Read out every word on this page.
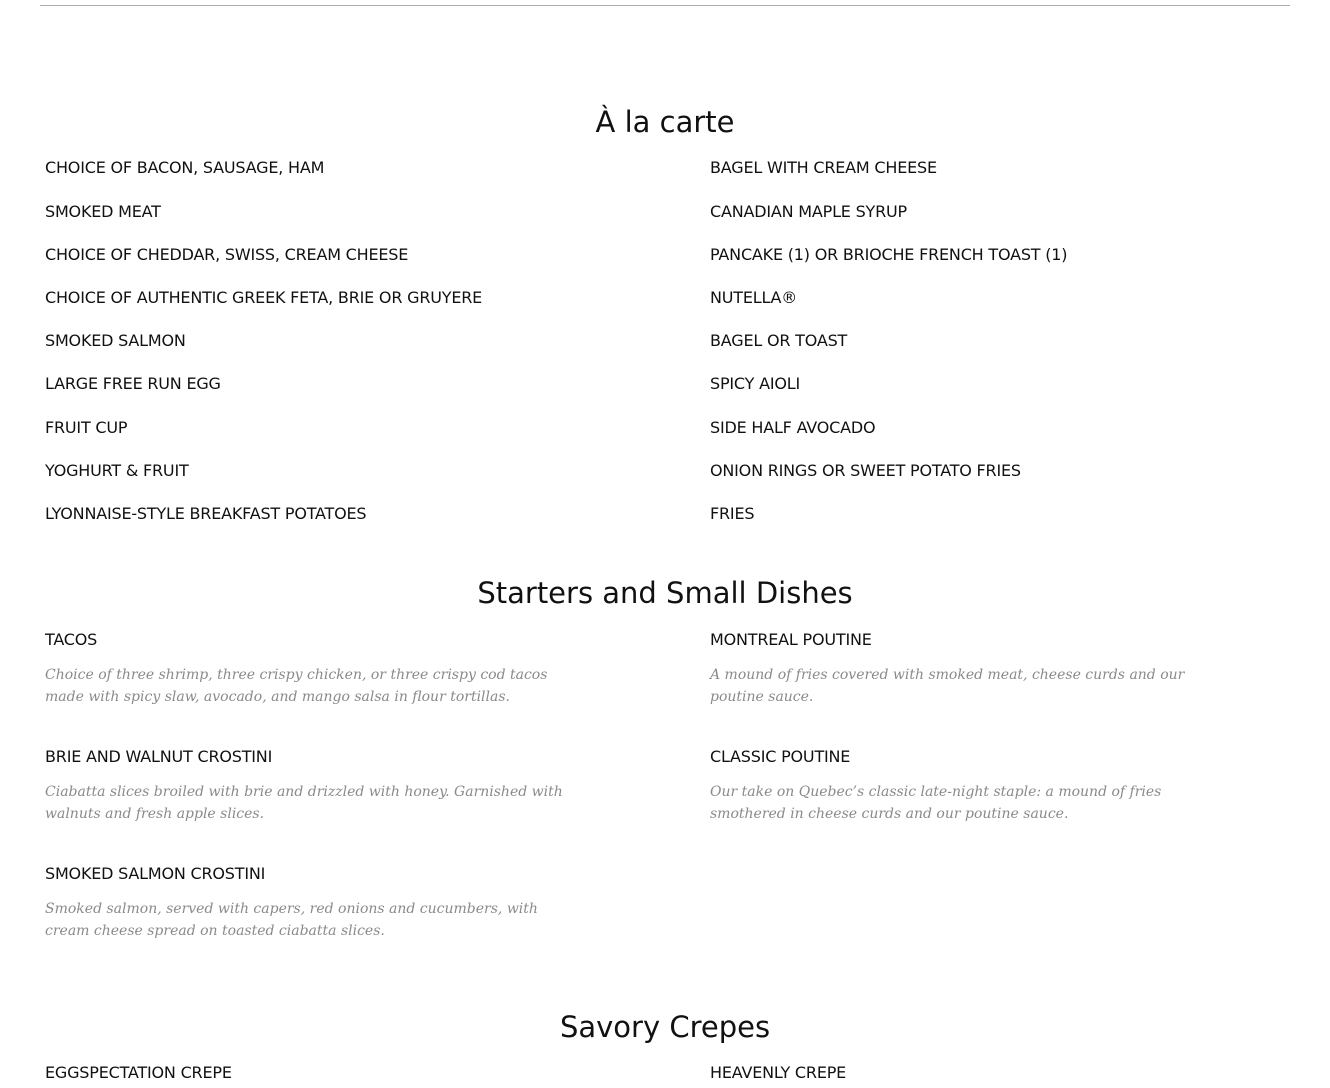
À la carte
CHOICE OF BACON, SAUSAGE, HAM
SMOKED MEAT
CHOICE OF CHEDDAR, SWISS, CREAM CHEESE
CHOICE OF AUTHENTIC GREEK FETA, BRIE OR GRUYERE
SMOKED SALMON
LARGE FREE RUN EGG
FRUIT CUP
YOGHURT & FRUIT
LYONNAISE-STYLE BREAKFAST POTATOES
BAGEL WITH CREAM CHEESE
CANADIAN MAPLE SYRUP
PANCAKE (1) OR BRIOCHE FRENCH TOAST (1)
NUTELLA®
BAGEL OR TOAST
SPICY AIOLI
SIDE HALF AVOCADO
ONION RINGS OR SWEET POTATO FRIES
FRIES
Starters and Small Dishes
TACOS
Choice of three shrimp, three crispy chicken, or three crispy cod tacos made with spicy slaw, avocado, and mango salsa in flour tortillas.
BRIE AND WALNUT CROSTINI
Ciabatta slices broiled with brie and drizzled with honey. Garnished with walnuts and fresh apple slices.
SMOKED SALMON CROSTINI
Smoked salmon, served with capers, red onions and cucumbers, with cream cheese spread on toasted ciabatta slices.
MONTREAL POUTINE
A mound of fries covered with smoked meat, cheese curds and our poutine sauce.
CLASSIC POUTINE
Our take on Quebec’s classic late-night staple: a mound of fries smothered in cheese curds and our poutine sauce.
Savory Crepes
EGGSPECTATION CREPE	HEAVENLY CREPE
